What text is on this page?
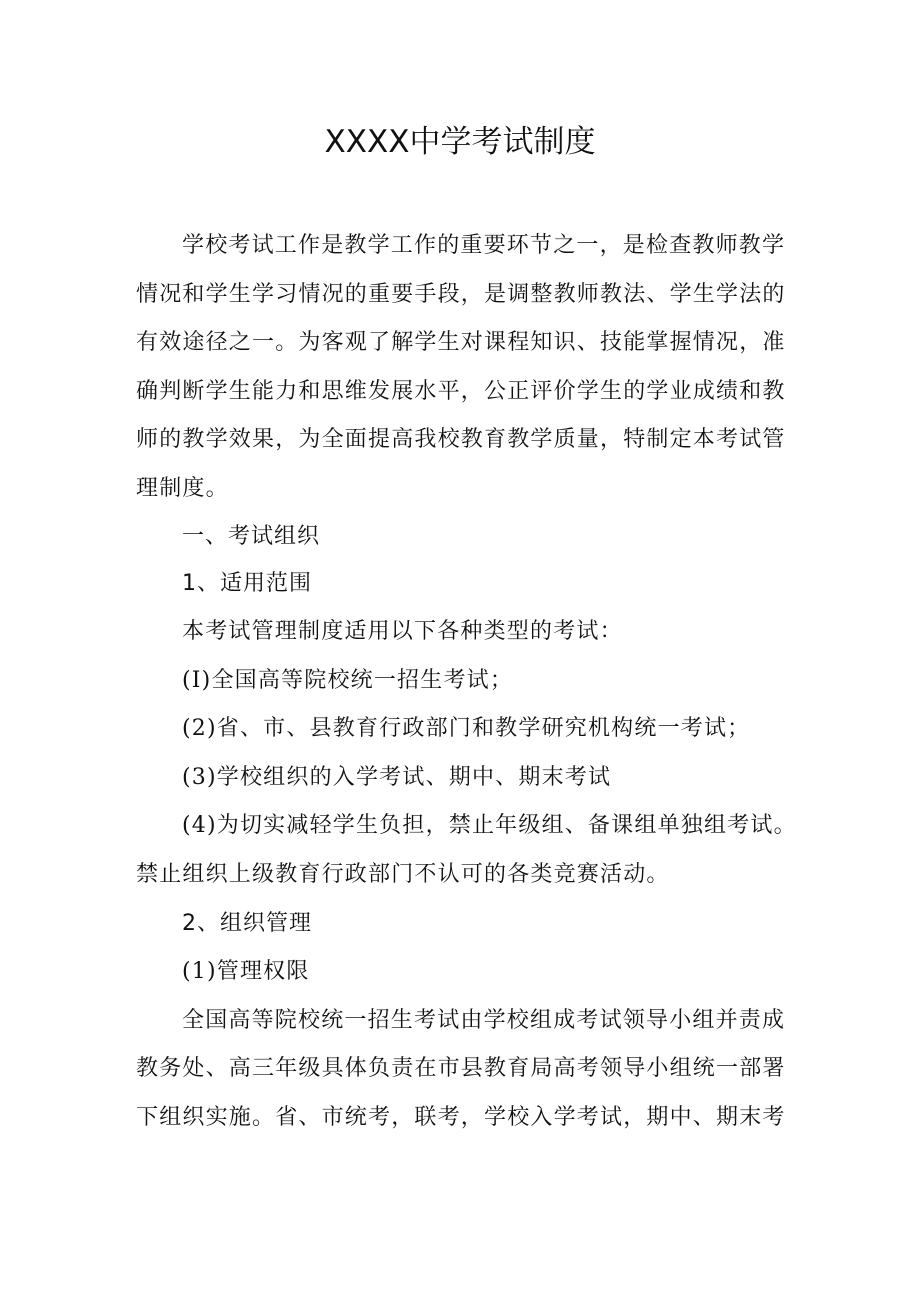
XXXX中学考试制度
学校考试工作是教学工作的重要环节之一，是检查教师教学
情况和学生学习情况的重要手段，是调整教师教法、学生学法的
有效途径之一。为客观了解学生对课程知识、技能掌握情况，准
确判断学生能力和思维发展水平，公正评价学生的学业成绩和教
师的教学效果，为全面提高我校教育教学质量，特制定本考试管
理制度。
一、考试组织
1、适用范围
本考试管理制度适用以下各种类型的考试：
(I)全国高等院校统一招生考试；
(2)省、市、县教育行政部门和教学研究机构统一考试；
(3)学校组织的入学考试、期中、期末考试
(4)为切实减轻学生负担，禁止年级组、备课组单独组考试。
禁止组织上级教育行政部门不认可的各类竞赛活动。
2、组织管理
(1)管理权限
全国高等院校统一招生考试由学校组成考试领导小组并责成
教务处、高三年级具体负责在市县教育局高考领导小组统一部署
下组织实施。省、市统考，联考，学校入学考试，期中、期末考
